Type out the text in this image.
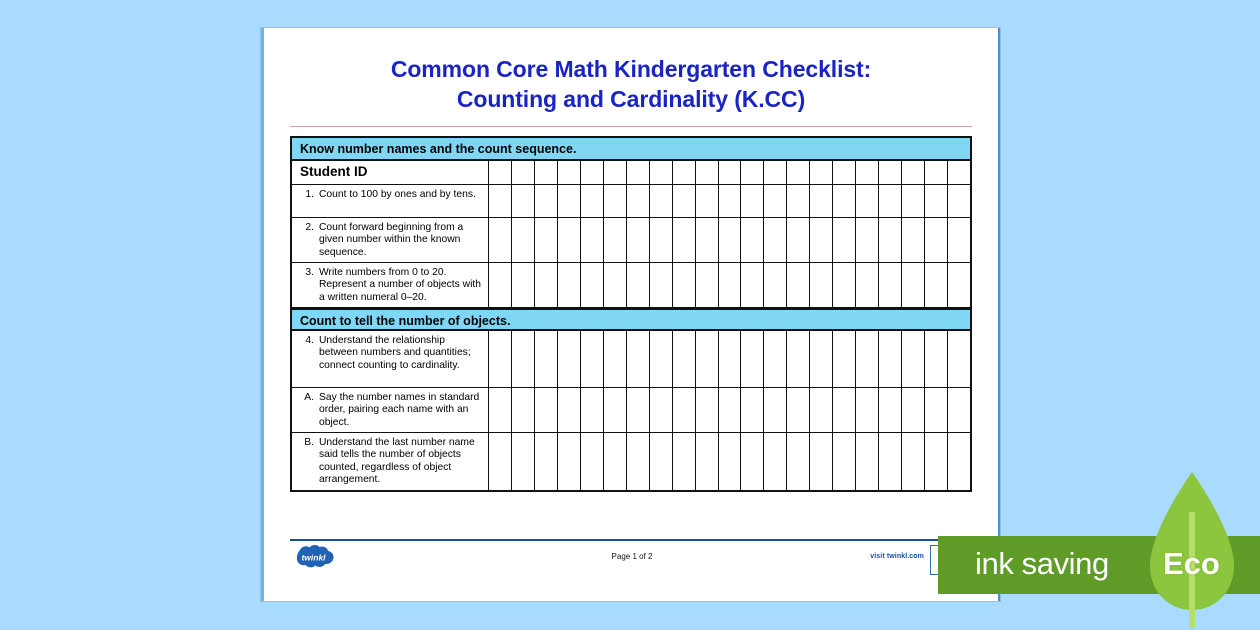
Common Core Math Kindergarten Checklist:
Counting and Cardinality (K.CC)
Know number names and the count sequence.
Student ID
1. Count to 100 by ones and by tens.
2. Count forward beginning from a given number within the known sequence.
3. Write numbers from 0 to 20. Represent a number of objects with a written numeral 0–20.
Count to tell the number of objects.
4. Understand the relationship between numbers and quantities; connect counting to cardinality.
A. Say the number names in standard order, pairing each name with an object.
B. Understand the last number name said tells the number of objects counted, regardless of object arrangement.
twinkl	Page 1 of 2	visit twinkl.com ink saving Eco
